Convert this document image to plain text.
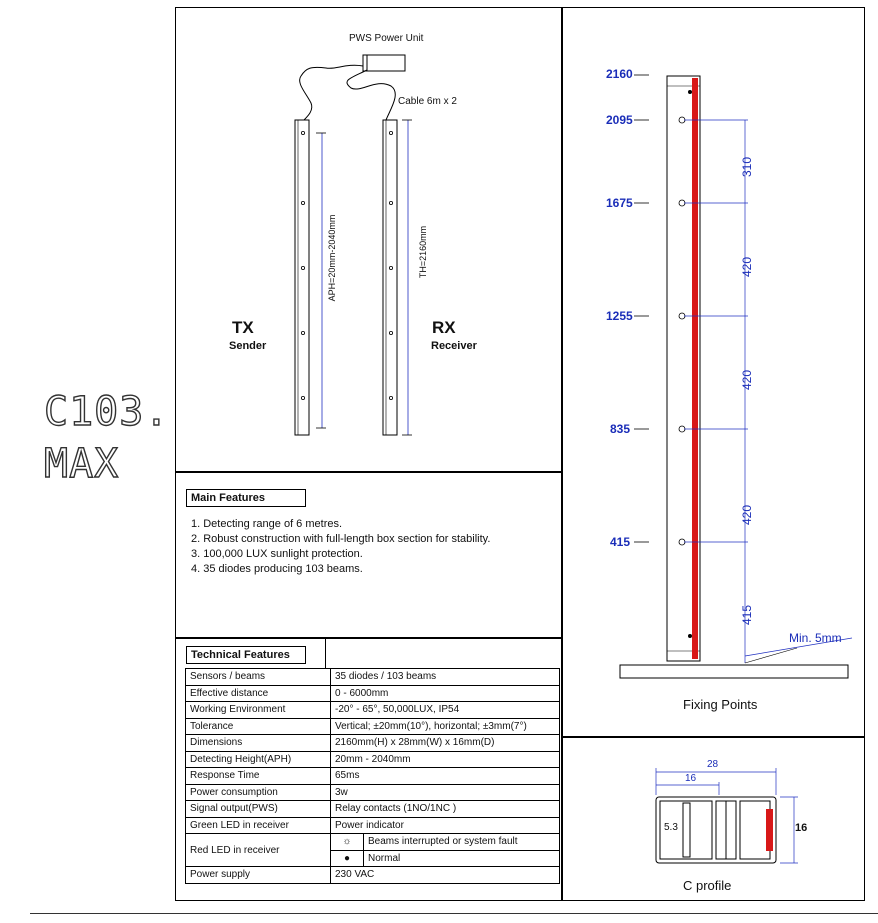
C103.
MAX
PWS Power Unit
Cable 6m x 2
APH=20mm-2040mm	TH=2160mm
TX
Sender
RX
Receiver
Main Features
1. Detecting range of 6 metres.
2. Robust construction with full-length box section for stability.
3. 100,000 LUX sunlight protection.
4. 35 diodes producing 103 beams.
Technical Features
Sensors / beams	35 diodes / 103 beams	
Effective distance	0 - 6000mm	
Working Environment	-20° - 65°, 50,000LUX, IP54	
Tolerance	Vertical; ±20mm(10°), horizontal; ±3mm(7°)	
Dimensions	2160mm(H) x 28mm(W) x 16mm(D)	
Detecting Height(APH)	20mm - 2040mm	
Response Time	65ms	
Power consumption	3w	
Signal output(PWS)	Relay contacts (1NO/1NC )	
Green LED in receiver	Power indicator	
Red LED in receiver	☼	Beams interrupted or system fault
	●	Normal
Power supply	230 VAC	
2160
2095
1675
1255
835
415
310
420
420
420
415
Min. 5mm
Fixing Points
28
16
16
5.3
C profile
